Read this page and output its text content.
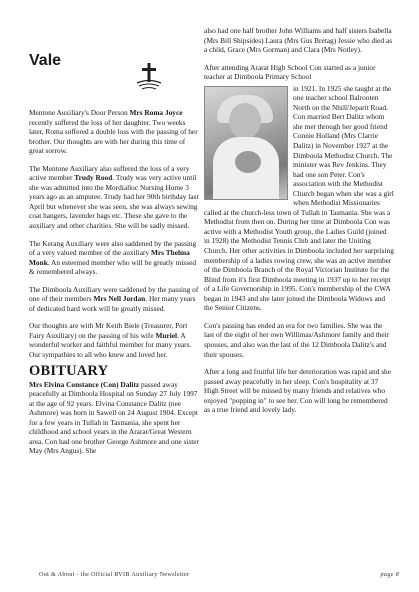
Vale

Mentone Auxiliary's Door Person Mrs Roma Joyce recently suffered the loss of her daughter. Two weeks later, Roma suffered a double loss with the passing of her brother. Our thoughts are with her during this time of great sorrow.

The Mentone Auxiliary also suffered the loss of a very active member Trudy Rood. Trudy was very active until she was admitted into the Mordialloc Nursing Home 3 years ago as an amputee. Trudy had her 90th birthday last April but whenever she was seen, she was always sewing coat hangers, lavender bags etc. These she gave to the auxiliary and other charities. She will be sadly missed.

The Kerang Auxiliary were also saddened by the passing of a very valued member of the auxiliary Mrs Thelma Monk. An esteemed member who will be greatly missed & remembered always.

The Dimboola Auxiliary were saddened by the passing of one of their members Mrs Nell Jordan. Her many years of dedicated hard work will be greatly missed.

Our thoughts are with Mr Keith Biele (Treasurer, Port Fairy Auxiliary) on the passing of his wife Muriel. A wonderful worker and faithful member for many years. Our sympathies to all who knew and loved her.

OBITUARY

Mrs Elvina Constance (Con) Dalitz passed away peacefully at Dimboola Hospital on Sunday 27 July 1997 at the age of 92 years. Elvina Constance Dalitz (nee Ashmore) was born in Sawell on 24 August 1904. Except for a few years in Tullah in Tasmania, she spent her childhood and school years in the Ararat/Great Western area. Con had one brother George Ashmore and one sister May (Mrs Angus). She

also had one half brother John Williams and half sisters Isabella (Mrs Bill Shipsides) Laura (Mrs Gus Bretag) Jessie who died as a child, Grace (Mrs Gorman) and Clara (Mrs Notley).

After attending Ararat High School Con started as a junior teacher at Dimboola Primary School

in 1921. In 1925 she taught at the one teacher school Balrooten North on the Nhill/Jeparit Road. Con married Bert Dalitz whom she met through her good friend Connie Holland (Mrs Clarrie Dalitz) in November 1927 at the Dimboola Methodist Church. The minister was Rev Jenkins. They had one son Peter. Con's association with the Methodist Church began when she was a girl when Methodist Missionaries called at the church-less town of Tullah in Tasmania. She was a Methodist from then on. During her time at Dimboola Con was active with a Methodist Youth group, the Ladies Guild (joined in 1928) the Methodist Tennis Club and later the Uniting Church. Her other activities in Dimboola included her surprising membership of a ladies rowing crew, she was an active member of the Dimboola Branch of the Royal Victorian Institute for the Blind from it's first Dimboola meeting in 1937 up to her receipt of a Life Governorship in 1995. Con's membership of the CWA began in 1943 and she later joined the Dimboola Widows and the Senior Citizens.

Con's passing has ended an era for two families. She was the last of the eight of her own Willimas/Ashmore family and their spouses, and also was the last of the 12 Dimboola Dalitz's and their spouses.

After a long and fruitful life her deterioration was rapid and she passed away peacefully in her sleep. Con's hospitality at 37 High Street will be missed by many friends and relatives who enjoyed "popping in" to see her. Con will long be remembered as a true friend and lovely lady.

Out & About - the Official RVIB Auxiliary Newsletter	page 8
